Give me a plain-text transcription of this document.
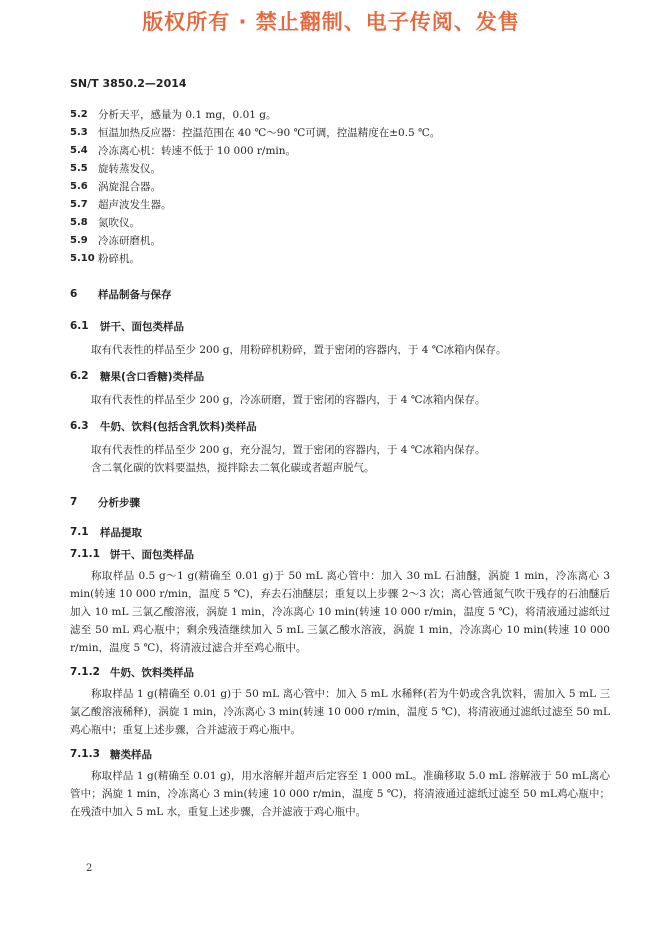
版权所有 · 禁止翻制、电子传阅、发售
SN/T 3850.2—2014
5.2 分析天平，感量为 0.1 mg，0.01 g。
5.3 恒温加热反应器：控温范围在 40 ℃～90 ℃可调，控温精度在±0.5 ℃。
5.4 冷冻离心机：转速不低于 10 000 r/min。
5.5 旋转蒸发仪。
5.6 涡旋混合器。
5.7 超声波发生器。
5.8 氮吹仪。
5.9 冷冻研磨机。
5.10 粉碎机。
6	样品制备与保存
6.1	饼干、面包类样品
取有代表性的样品至少 200 g，用粉碎机粉碎，置于密闭的容器内，于 4 ℃冰箱内保存。
6.2	糖果(含口香糖)类样品
取有代表性的样品至少 200 g，冷冻研磨，置于密闭的容器内，于 4 ℃冰箱内保存。
6.3	牛奶、饮料(包括含乳饮料)类样品
取有代表性的样品至少 200 g，充分混匀，置于密闭的容器内，于 4 ℃冰箱内保存。
含二氧化碳的饮料要温热，搅拌除去二氧化碳或者超声脱气。
7	分析步骤
7.1	样品提取
7.1.1 饼干、面包类样品
称取样品 0.5 g～1 g(精确至 0.01 g)于 50 mL 离心管中：加入 30 mL 石油醚，涡旋 1 min，冷冻离心 3 min(转速 10 000 r/min，温度 5 ℃)，弃去石油醚层；重复以上步骤 2～3 次；离心管通氮气吹干残存的石油醚后加入 10 mL 三氯乙酸溶液，涡旋 1 min，冷冻离心 10 min(转速 10 000 r/min，温度 5 ℃)，将清液通过滤纸过滤至 50 mL 鸡心瓶中；剩余残渣继续加入 5 mL 三氯乙酸水溶液，涡旋 1 min，冷冻离心 10 min(转速 10 000 r/min，温度 5 ℃)，将清液过滤合并至鸡心瓶中。
7.1.2 牛奶、饮料类样品
称取样品 1 g(精确至 0.01 g)于 50 mL 离心管中：加入 5 mL 水稀释(若为牛奶或含乳饮料，需加入 5 mL 三氯乙酸溶液稀释)，涡旋 1 min，冷冻离心 3 min(转速 10 000 r/min，温度 5 ℃)，将清液通过滤纸过滤至 50 mL 鸡心瓶中；重复上述步骤，合并滤液于鸡心瓶中。
7.1.3 糖类样品
称取样品 1 g(精确至 0.01 g)，用水溶解并超声后定容至 1 000 mL。准确移取 5.0 mL 溶解液于 50 mL离心管中；涡旋 1 min，冷冻离心 3 min(转速 10 000 r/min，温度 5 ℃)，将清液通过滤纸过滤至 50 mL鸡心瓶中；在残渣中加入 5 mL 水，重复上述步骤，合并滤液于鸡心瓶中。
2
